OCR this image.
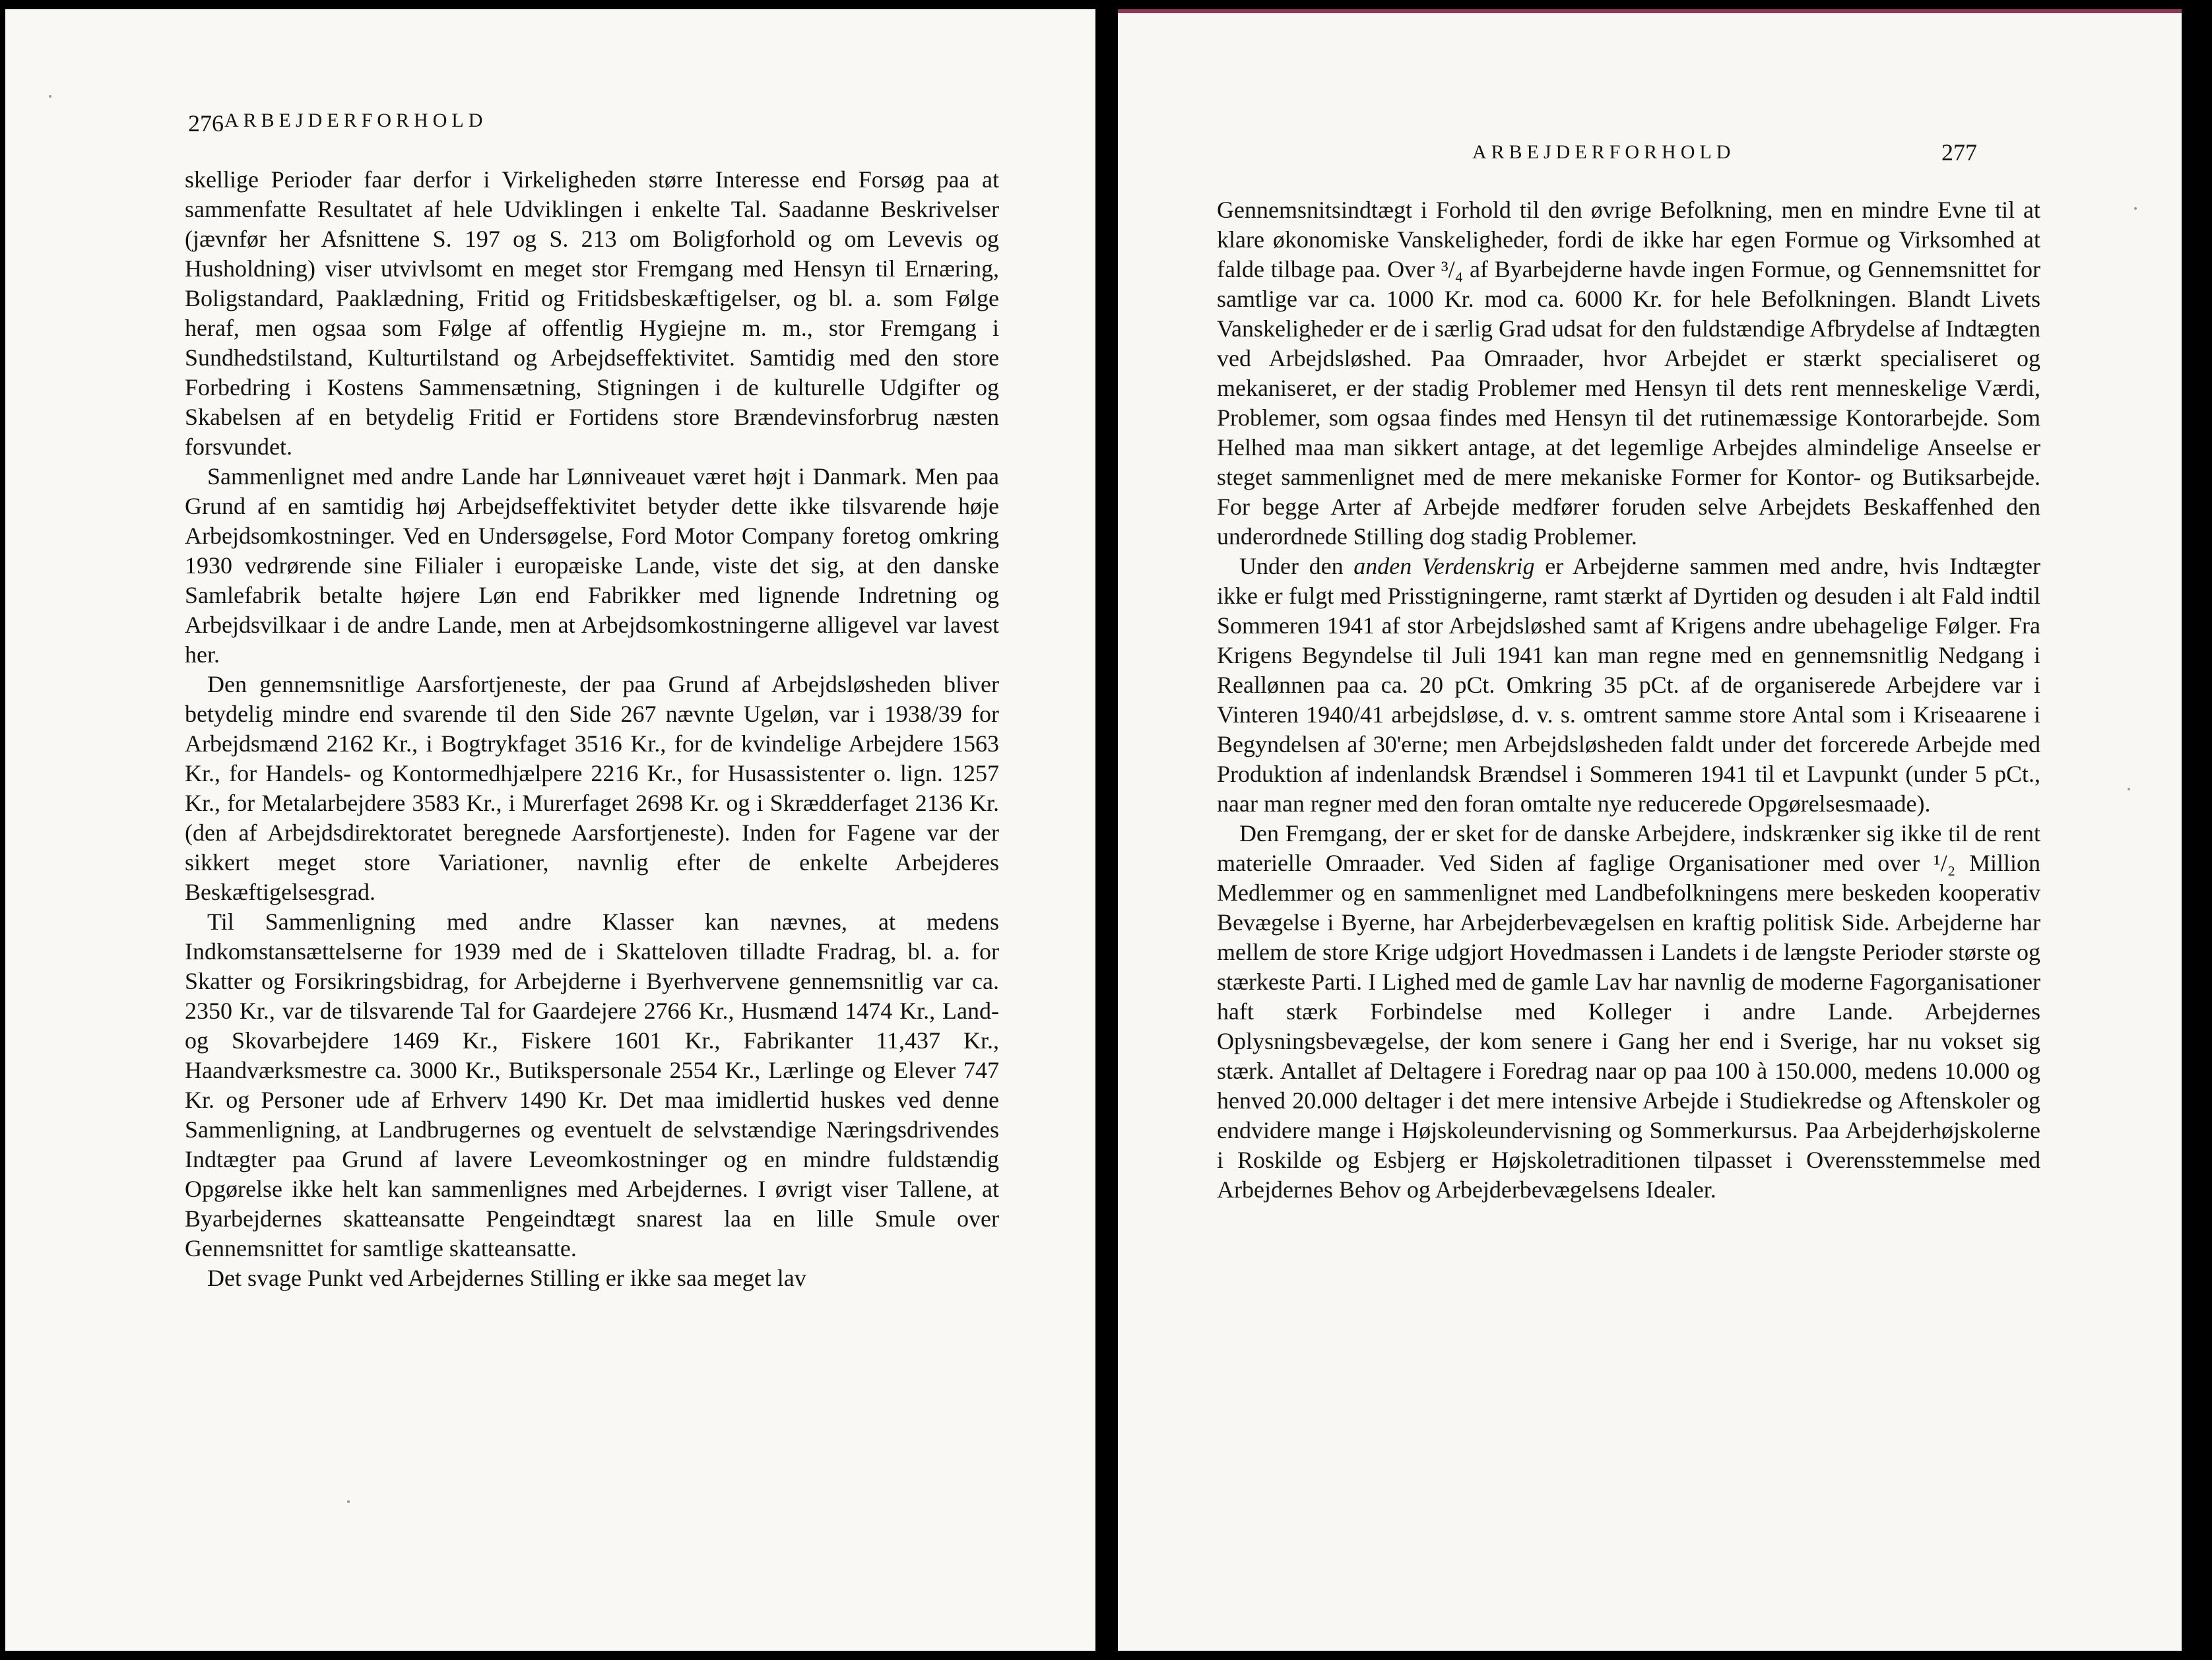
276 ARBEJDERFORHOLD

skellige Perioder faar derfor i Virkeligheden større Interesse end Forsøg paa at sammenfatte Resultatet af hele Udviklingen i enkelte Tal. Saadanne Beskrivelser (jævnfør her Afsnittene S. 197 og S. 213 om Boligforhold og om Levevis og Husholdning) viser utvivlsomt en meget stor Fremgang med Hensyn til Ernæring, Boligstandard, Paaklædning, Fritid og Fritidsbeskæftigelser, og bl. a. som Følge heraf, men ogsaa som Følge af offentlig Hygiejne m. m., stor Fremgang i Sundhedstilstand, Kulturtilstand og Arbejdseffektivitet. Samtidig med den store Forbedring i Kostens Sammensætning, Stigningen i de kulturelle Udgifter og Skabelsen af en betydelig Fritid er Fortidens store Brændevinsforbrug næsten forsvundet.

Sammenlignet med andre Lande har Lønniveauet været højt i Danmark. Men paa Grund af en samtidig høj Arbejdseffektivitet betyder dette ikke tilsvarende høje Arbejdsomkostninger. Ved en Undersøgelse, Ford Motor Company foretog omkring 1930 vedrørende sine Filialer i europæiske Lande, viste det sig, at den danske Samlefabrik betalte højere Løn end Fabrikker med lignende Indretning og Arbejdsvilkaar i de andre Lande, men at Arbejdsomkostningerne alligevel var lavest her.

Den gennemsnitlige Aarsfortjeneste, der paa Grund af Arbejdsløsheden bliver betydelig mindre end svarende til den Side 267 nævnte Ugeløn, var i 1938/39 for Arbejdsmænd 2162 Kr., i Bogtrykfaget 3516 Kr., for de kvindelige Arbejdere 1563 Kr., for Handels- og Kontormedhjælpere 2216 Kr., for Husassistenter o. lign. 1257 Kr., for Metalarbejdere 3583 Kr., i Murerfaget 2698 Kr. og i Skrædderfaget 2136 Kr. (den af Arbejdsdirektoratet beregnede Aarsfortjeneste). Inden for Fagene var der sikkert meget store Variationer, navnlig efter de enkelte Arbejderes Beskæftigelsesgrad.

Til Sammenligning med andre Klasser kan nævnes, at medens Indkomstansættelserne for 1939 med de i Skatteloven tilladte Fradrag, bl. a. for Skatter og Forsikringsbidrag, for Arbejderne i Byerhvervene gennemsnitlig var ca. 2350 Kr., var de tilsvarende Tal for Gaardejere 2766 Kr., Husmænd 1474 Kr., Land- og Skovarbejdere 1469 Kr., Fiskere 1601 Kr., Fabrikanter 11,437 Kr., Haandværksmestre ca. 3000 Kr., Butikspersonale 2554 Kr., Lærlinge og Elever 747 Kr. og Personer ude af Erhverv 1490 Kr. Det maa imidlertid huskes ved denne Sammenligning, at Landbrugernes og eventuelt de selvstændige Næringsdrivendes Indtægter paa Grund af lavere Leveomkostninger og en mindre fuldstændig Opgørelse ikke helt kan sammenlignes med Arbejdernes. I øvrigt viser Tallene, at Byarbejdernes skatteansatte Pengeindtægt snarest laa en lille Smule over Gennemsnittet for samtlige skatteansatte.

Det svage Punkt ved Arbejdernes Stilling er ikke saa meget lav

ARBEJDERFORHOLD	277

Gennemsnitsindtægt i Forhold til den øvrige Befolkning, men en mindre Evne til at klare økonomiske Vanskeligheder, fordi de ikke har egen Formue og Virksomhed at falde tilbage paa. Over ³/₄ af Byarbejderne havde ingen Formue, og Gennemsnittet for samtlige var ca. 1000 Kr. mod ca. 6000 Kr. for hele Befolkningen. Blandt Livets Vanskeligheder er de i særlig Grad udsat for den fuldstændige Afbrydelse af Indtægten ved Arbejdsløshed. Paa Omraader, hvor Arbejdet er stærkt specialiseret og mekaniseret, er der stadig Problemer med Hensyn til dets rent menneskelige Værdi, Problemer, som ogsaa findes med Hensyn til det rutinemæssige Kontorarbejde. Som Helhed maa man sikkert antage, at det legemlige Arbejdes almindelige Anseelse er steget sammenlignet med de mere mekaniske Former for Kontor- og Butiksarbejde. For begge Arter af Arbejde medfører foruden selve Arbejdets Beskaffenhed den underordnede Stilling dog stadig Problemer.

Under den anden Verdenskrig er Arbejderne sammen med andre, hvis Indtægter ikke er fulgt med Prisstigningerne, ramt stærkt af Dyrtiden og desuden i alt Fald indtil Sommeren 1941 af stor Arbejdsløshed samt af Krigens andre ubehagelige Følger. Fra Krigens Begyndelse til Juli 1941 kan man regne med en gennemsnitlig Nedgang i Reallønnen paa ca. 20 pCt. Omkring 35 pCt. af de organiserede Arbejdere var i Vinteren 1940/41 arbejdsløse, d. v. s. omtrent samme store Antal som i Kriseaarene i Begyndelsen af 30'erne; men Arbejdsløsheden faldt under det forcerede Arbejde med Produktion af indenlandsk Brændsel i Sommeren 1941 til et Lavpunkt (under 5 pCt., naar man regner med den foran omtalte nye reducerede Opgørelsesmaade).

Den Fremgang, der er sket for de danske Arbejdere, indskrænker sig ikke til de rent materielle Omraader. Ved Siden af faglige Organisationer med over ¹/₂ Million Medlemmer og en sammenlignet med Landbefolkningens mere beskeden kooperativ Bevægelse i Byerne, har Arbejderbevægelsen en kraftig politisk Side. Arbejderne har mellem de store Krige udgjort Hovedmassen i Landets i de længste Perioder største og stærkeste Parti. I Lighed med de gamle Lav har navnlig de moderne Fagorganisationer haft stærk Forbindelse med Kolleger i andre Lande. Arbejdernes Oplysningsbevægelse, der kom senere i Gang her end i Sverige, har nu vokset sig stærk. Antallet af Deltagere i Foredrag naar op paa 100 à 150.000, medens 10.000 og henved 20.000 deltager i det mere intensive Arbejde i Studiekredse og Aftenskoler og endvidere mange i Højskoleundervisning og Sommerkursus. Paa Arbejderhøjskolerne i Roskilde og Esbjerg er Højskoletraditionen tilpasset i Overensstemmelse med Arbejdernes Behov og Arbejderbevægelsens Idealer.
